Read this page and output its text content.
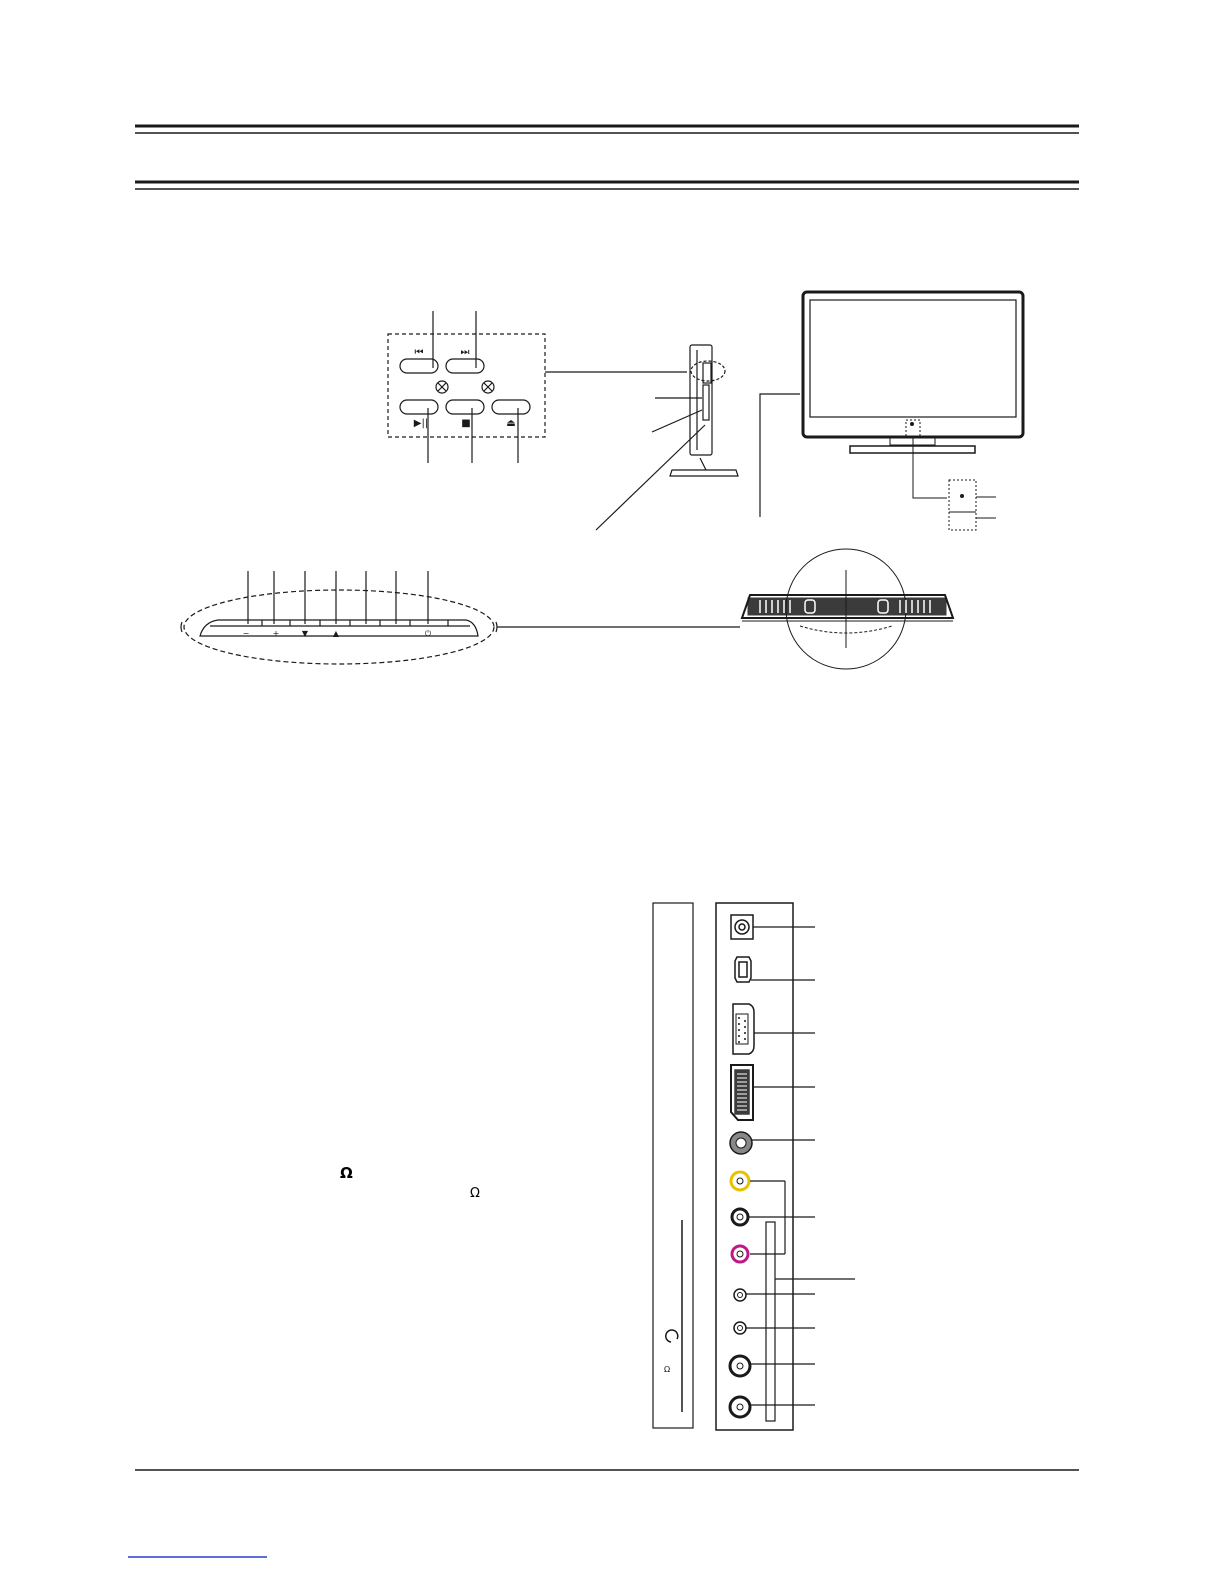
⏮	⏭
▶||	■	⏏
−	+	▼	▲	⏻
Ω
Ω
Ω
